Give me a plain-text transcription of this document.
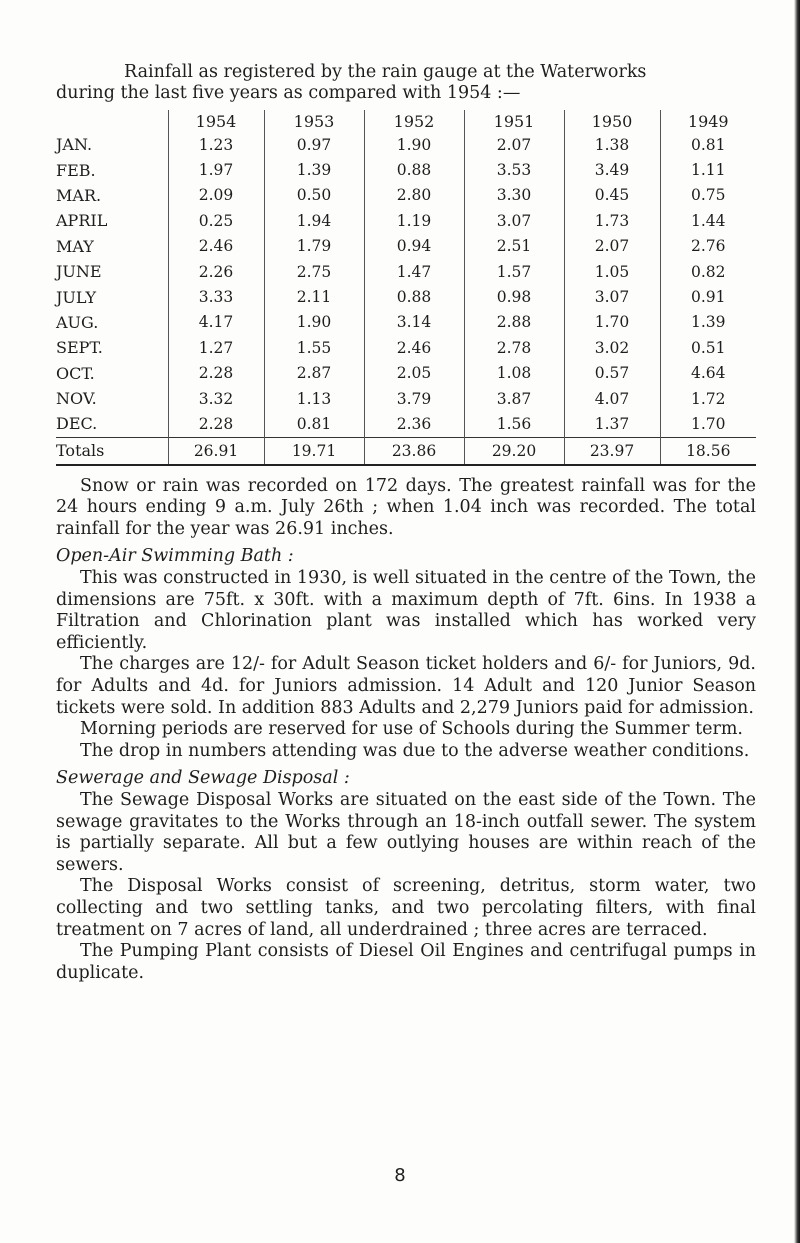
Rainfall as registered by the rain gauge at the Waterworks
during the last five years as compared with 1954 :—

	1954	1953	1952	1951	1950	1949
JAN.	1.23	0.97	1.90	2.07	1.38	0.81
FEB.	1.97	1.39	0.88	3.53	3.49	1.11
MAR.	2.09	0.50	2.80	3.30	0.45	0.75
APRIL	0.25	1.94	1.19	3.07	1.73	1.44
MAY	2.46	1.79	0.94	2.51	2.07	2.76
JUNE	2.26	2.75	1.47	1.57	1.05	0.82
JULY	3.33	2.11	0.88	0.98	3.07	0.91
AUG.	4.17	1.90	3.14	2.88	1.70	1.39
SEPT.	1.27	1.55	2.46	2.78	3.02	0.51
OCT.	2.28	2.87	2.05	1.08	0.57	4.64
NOV.	3.32	1.13	3.79	3.87	4.07	1.72
DEC.	2.28	0.81	2.36	1.56	1.37	1.70
Totals	26.91	19.71	23.86	29.20	23.97	18.56

Snow or rain was recorded on 172 days. The greatest rainfall was for the 24 hours ending 9 a.m. July 26th ; when 1.04 inch was recorded. The total rainfall for the year was 26.91 inches.

Open-Air Swimming Bath :

This was constructed in 1930, is well situated in the centre of the Town, the dimensions are 75ft. x 30ft. with a maximum depth of 7ft. 6ins. In 1938 a Filtration and Chlorination plant was installed which has worked very efficiently.

The charges are 12/- for Adult Season ticket holders and 6/- for Juniors, 9d. for Adults and 4d. for Juniors admission. 14 Adult and 120 Junior Season tickets were sold. In addition 883 Adults and 2,279 Juniors paid for admission.

Morning periods are reserved for use of Schools during the Summer term.

The drop in numbers attending was due to the adverse weather conditions.

Sewerage and Sewage Disposal :

The Sewage Disposal Works are situated on the east side of the Town. The sewage gravitates to the Works through an 18-inch outfall sewer. The system is partially separate. All but a few outlying houses are within reach of the sewers.

The Disposal Works consist of screening, detritus, storm water, two collecting and two settling tanks, and two percolating filters, with final treatment on 7 acres of land, all underdrained ; three acres are terraced.

The Pumping Plant consists of Diesel Oil Engines and centrifugal pumps in duplicate.

8
